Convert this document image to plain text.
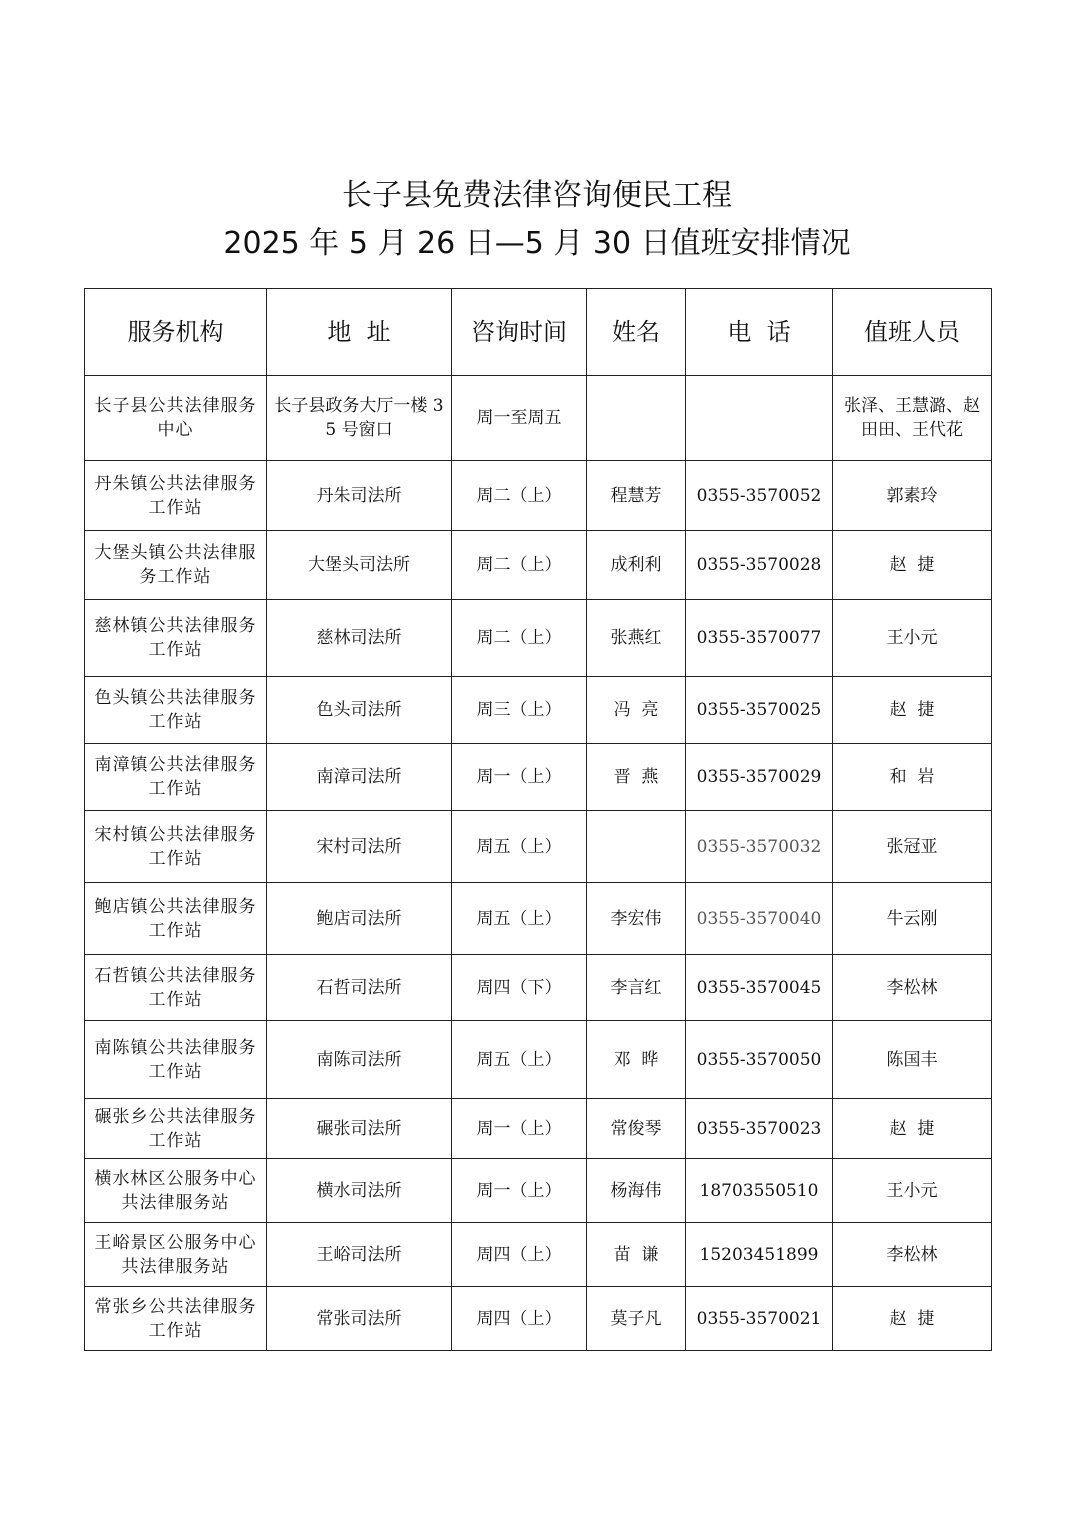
长子县免费法律咨询便民工程
2025 年 5 月 26 日—5 月 30 日值班安排情况
服务机构	地  址	咨询时间	姓名	电  话	值班人员
长子县公共法律服务中心	长子县政务大厅一楼 35 号窗口	周一至周五			张泽、王慧潞、赵田田、王代花
丹朱镇公共法律服务工作站	丹朱司法所	周二（上）	程慧芳	0355-3570052	郭素玲
大堡头镇公共法律服务工作站	大堡头司法所	周二（上）	成利利	0355-3570028	赵  捷
慈林镇公共法律服务工作站	慈林司法所	周二（上）	张燕红	0355-3570077	王小元
色头镇公共法律服务工作站	色头司法所	周三（上）	冯  亮	0355-3570025	赵  捷
南漳镇公共法律服务工作站	南漳司法所	周一（上）	晋  燕	0355-3570029	和  岩
宋村镇公共法律服务工作站	宋村司法所	周五（上）		0355-3570032	张冠亚
鲍店镇公共法律服务工作站	鲍店司法所	周五（上）	李宏伟	0355-3570040	牛云刚
石哲镇公共法律服务工作站	石哲司法所	周四（下）	李言红	0355-3570045	李松林
南陈镇公共法律服务工作站	南陈司法所	周五（上）	邓  晔	0355-3570050	陈国丰
碾张乡公共法律服务工作站	碾张司法所	周一（上）	常俊琴	0355-3570023	赵  捷
横水林区公服务中心共法律服务站	横水司法所	周一（上）	杨海伟	18703550510	王小元
王峪景区公服务中心共法律服务站	王峪司法所	周四（上）	苗  谦	15203451899	李松林
常张乡公共法律服务工作站	常张司法所	周四（上）	莫子凡	0355-3570021	赵  捷
